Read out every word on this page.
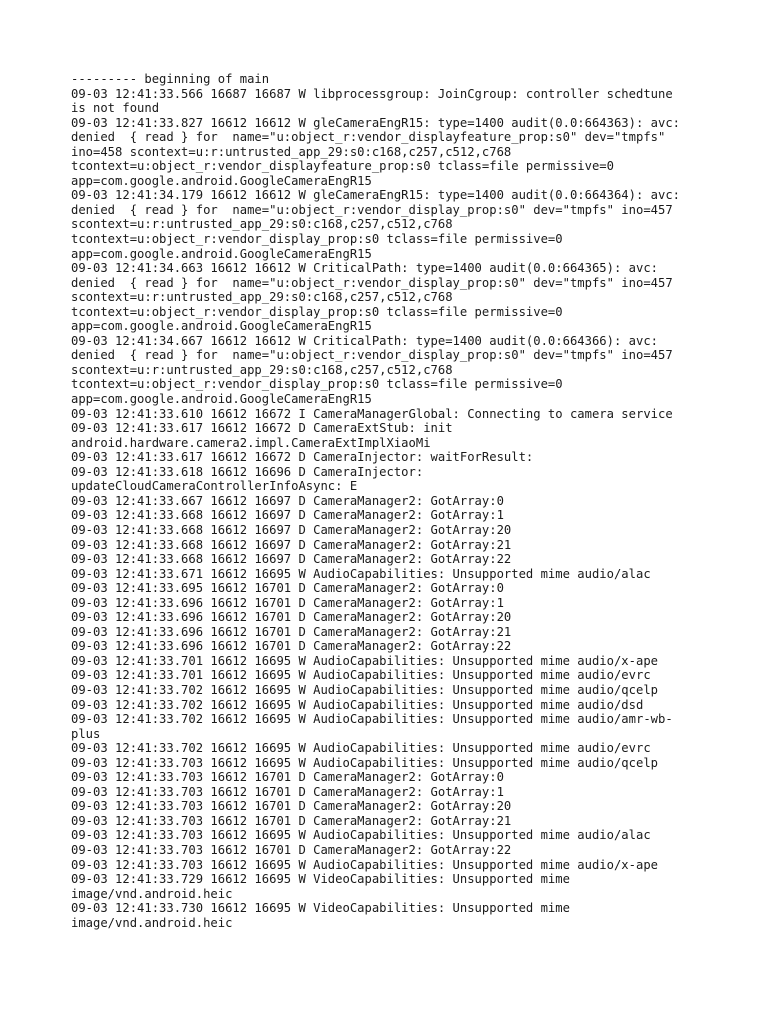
--------- beginning of main
09-03 12:41:33.566 16687 16687 W libprocessgroup: JoinCgroup: controller schedtune
is not found
09-03 12:41:33.827 16612 16612 W gleCameraEngR15: type=1400 audit(0.0:664363): avc:
denied  { read } for  name="u:object_r:vendor_displayfeature_prop:s0" dev="tmpfs"
ino=458 scontext=u:r:untrusted_app_29:s0:c168,c257,c512,c768
tcontext=u:object_r:vendor_displayfeature_prop:s0 tclass=file permissive=0
app=com.google.android.GoogleCameraEngR15
09-03 12:41:34.179 16612 16612 W gleCameraEngR15: type=1400 audit(0.0:664364): avc:
denied  { read } for  name="u:object_r:vendor_display_prop:s0" dev="tmpfs" ino=457
scontext=u:r:untrusted_app_29:s0:c168,c257,c512,c768
tcontext=u:object_r:vendor_display_prop:s0 tclass=file permissive=0
app=com.google.android.GoogleCameraEngR15
09-03 12:41:34.663 16612 16612 W CriticalPath: type=1400 audit(0.0:664365): avc:
denied  { read } for  name="u:object_r:vendor_display_prop:s0" dev="tmpfs" ino=457
scontext=u:r:untrusted_app_29:s0:c168,c257,c512,c768
tcontext=u:object_r:vendor_display_prop:s0 tclass=file permissive=0
app=com.google.android.GoogleCameraEngR15
09-03 12:41:34.667 16612 16612 W CriticalPath: type=1400 audit(0.0:664366): avc:
denied  { read } for  name="u:object_r:vendor_display_prop:s0" dev="tmpfs" ino=457
scontext=u:r:untrusted_app_29:s0:c168,c257,c512,c768
tcontext=u:object_r:vendor_display_prop:s0 tclass=file permissive=0
app=com.google.android.GoogleCameraEngR15
09-03 12:41:33.610 16612 16672 I CameraManagerGlobal: Connecting to camera service
09-03 12:41:33.617 16612 16672 D CameraExtStub: init
android.hardware.camera2.impl.CameraExtImplXiaoMi
09-03 12:41:33.617 16612 16672 D CameraInjector: waitForResult:
09-03 12:41:33.618 16612 16696 D CameraInjector:
updateCloudCameraControllerInfoAsync: E
09-03 12:41:33.667 16612 16697 D CameraManager2: GotArray:0
09-03 12:41:33.668 16612 16697 D CameraManager2: GotArray:1
09-03 12:41:33.668 16612 16697 D CameraManager2: GotArray:20
09-03 12:41:33.668 16612 16697 D CameraManager2: GotArray:21
09-03 12:41:33.668 16612 16697 D CameraManager2: GotArray:22
09-03 12:41:33.671 16612 16695 W AudioCapabilities: Unsupported mime audio/alac
09-03 12:41:33.695 16612 16701 D CameraManager2: GotArray:0
09-03 12:41:33.696 16612 16701 D CameraManager2: GotArray:1
09-03 12:41:33.696 16612 16701 D CameraManager2: GotArray:20
09-03 12:41:33.696 16612 16701 D CameraManager2: GotArray:21
09-03 12:41:33.696 16612 16701 D CameraManager2: GotArray:22
09-03 12:41:33.701 16612 16695 W AudioCapabilities: Unsupported mime audio/x-ape
09-03 12:41:33.701 16612 16695 W AudioCapabilities: Unsupported mime audio/evrc
09-03 12:41:33.702 16612 16695 W AudioCapabilities: Unsupported mime audio/qcelp
09-03 12:41:33.702 16612 16695 W AudioCapabilities: Unsupported mime audio/dsd
09-03 12:41:33.702 16612 16695 W AudioCapabilities: Unsupported mime audio/amr-wb-
plus
09-03 12:41:33.702 16612 16695 W AudioCapabilities: Unsupported mime audio/evrc
09-03 12:41:33.703 16612 16695 W AudioCapabilities: Unsupported mime audio/qcelp
09-03 12:41:33.703 16612 16701 D CameraManager2: GotArray:0
09-03 12:41:33.703 16612 16701 D CameraManager2: GotArray:1
09-03 12:41:33.703 16612 16701 D CameraManager2: GotArray:20
09-03 12:41:33.703 16612 16701 D CameraManager2: GotArray:21
09-03 12:41:33.703 16612 16695 W AudioCapabilities: Unsupported mime audio/alac
09-03 12:41:33.703 16612 16701 D CameraManager2: GotArray:22
09-03 12:41:33.703 16612 16695 W AudioCapabilities: Unsupported mime audio/x-ape
09-03 12:41:33.729 16612 16695 W VideoCapabilities: Unsupported mime
image/vnd.android.heic
09-03 12:41:33.730 16612 16695 W VideoCapabilities: Unsupported mime
image/vnd.android.heic
